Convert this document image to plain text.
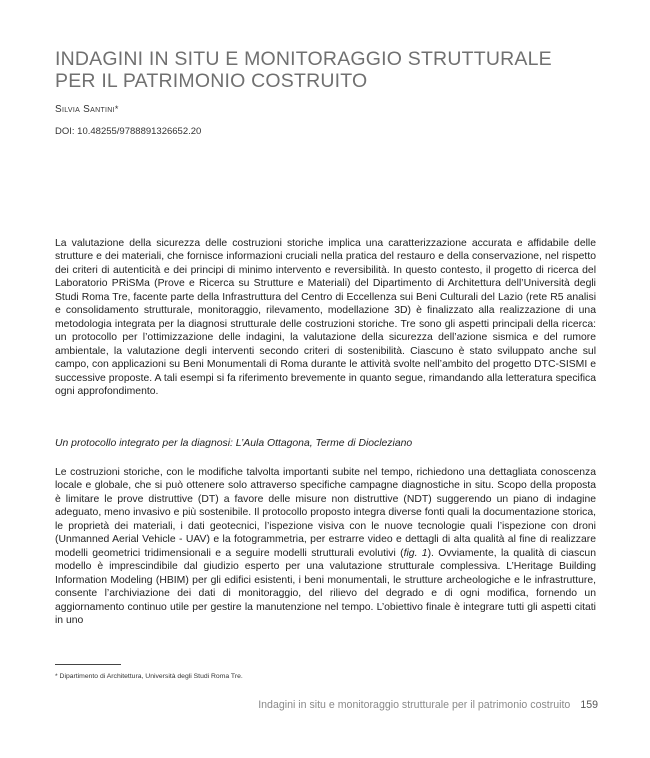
INDAGINI IN SITU E MONITORAGGIO STRUTTURALE
PER IL PATRIMONIO COSTRUITO
Silvia Santini*
DOI: 10.48255/9788891326652.20

La valutazione della sicurezza delle costruzioni storiche implica una caratterizzazione accurata e affidabile delle strutture e dei materiali, che fornisce informazioni cruciali nella pratica del restauro e della conservazione, nel rispetto dei criteri di autenticità e dei principi di minimo intervento e reversibilità. In questo contesto, il progetto di ricerca del Laboratorio PRiSMa (Prove e Ricerca su Strutture e Materiali) del Dipartimento di Architettura dell’Università degli Studi Roma Tre, facente parte della Infrastruttura del Centro di Eccellenza sui Beni Culturali del Lazio (rete R5 analisi e consolidamento strutturale, monitoraggio, rilevamento, modellazione 3D) è finalizzato alla realizzazione di una metodologia integrata per la diagnosi strutturale delle costruzioni storiche. Tre sono gli aspetti principali della ricerca: un protocollo per l’ottimizzazione delle indagini, la valutazione della sicurezza dell’azione sismica e del rumore ambientale, la valutazione degli interventi secondo criteri di sostenibilità. Ciascuno è stato sviluppato anche sul campo, con applicazioni su Beni Monumentali di Roma durante le attività svolte nell’ambito del progetto DTC-SISMI e successive proposte. A tali esempi si fa riferimento brevemente in quanto segue, rimandando alla letteratura specifica ogni approfondimento.

Un protocollo integrato per la diagnosi: L’Aula Ottagona, Terme di Diocleziano

Le costruzioni storiche, con le modifiche talvolta importanti subite nel tempo, richiedono una dettagliata conoscenza locale e globale, che si può ottenere solo attraverso specifiche campagne diagnostiche in situ. Scopo della proposta è limitare le prove distruttive (DT) a favore delle misure non distruttive (NDT) suggerendo un piano di indagine adeguato, meno invasivo e più sostenibile. Il protocollo proposto integra diverse fonti quali la documentazione storica, le proprietà dei materiali, i dati geotecnici, l’ispezione visiva con le nuove tecnologie quali l’ispezione con droni (Unmanned Aerial Vehicle - UAV) e la fotogrammetria, per estrarre video e dettagli di alta qualità al fine di realizzare modelli geometrici tridimensionali e a seguire modelli strutturali evolutivi (fig. 1). Ovviamente, la qualità di ciascun modello è imprescindibile dal giudizio esperto per una valutazione strutturale complessiva. L’Heritage Building Information Modeling (HBIM) per gli edifici esistenti, i beni monumentali, le strutture archeologiche e le infrastrutture, consente l’archiviazione dei dati di monitoraggio, del rilievo del degrado e di ogni modifica, fornendo un aggiornamento continuo utile per gestire la manutenzione nel tempo. L’obiettivo finale è integrare tutti gli aspetti citati in uno

* Dipartimento di Architettura, Università degli Studi Roma Tre.
Indagini in situ e monitoraggio strutturale per il patrimonio costruito 159
